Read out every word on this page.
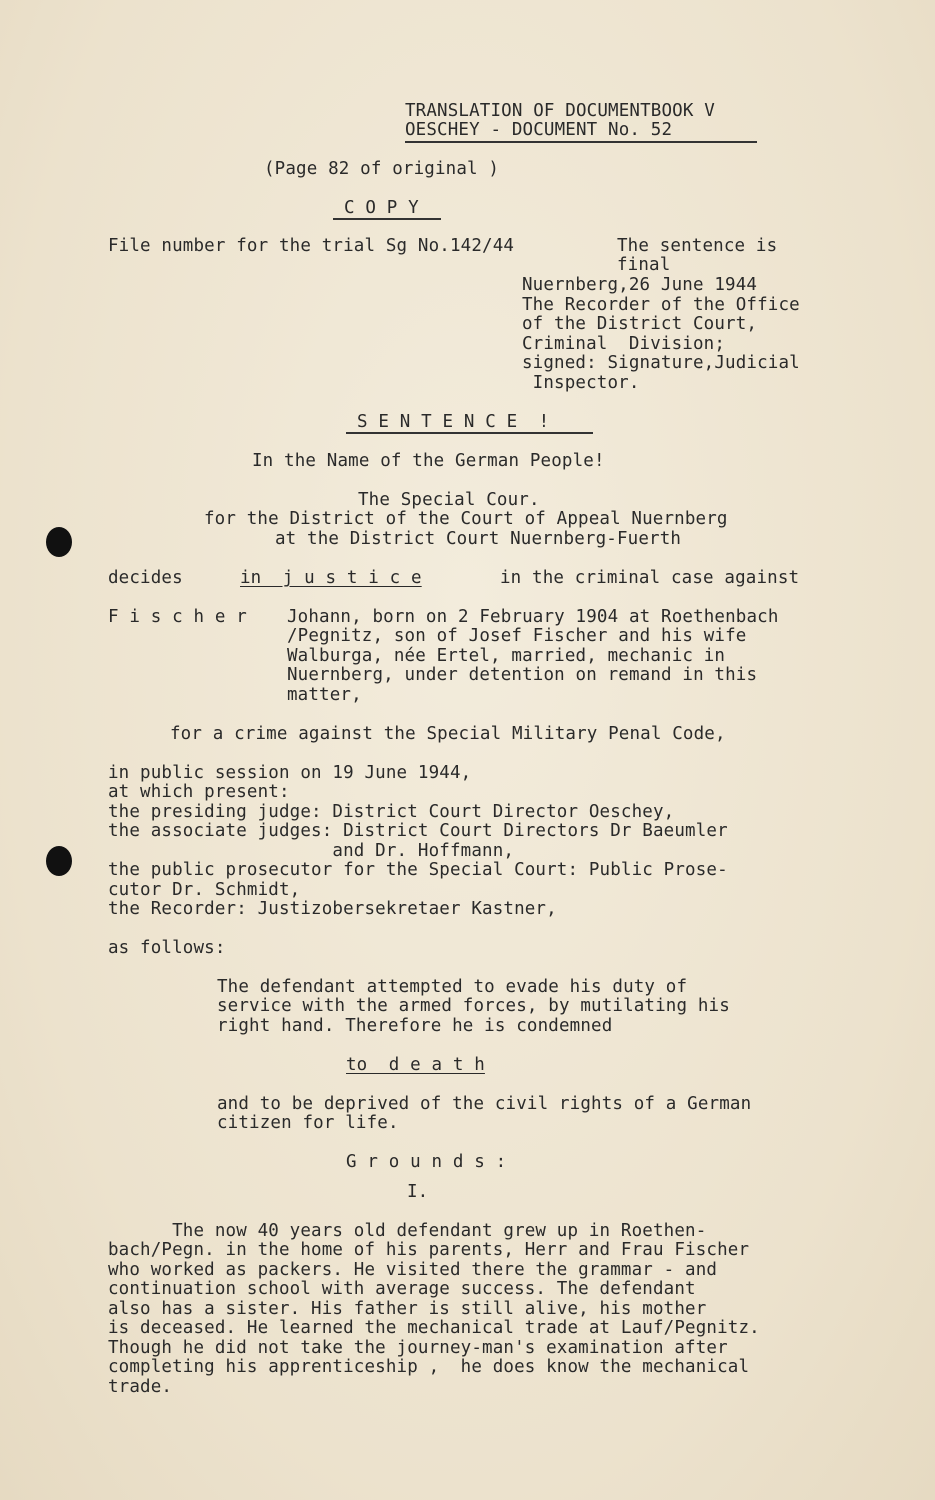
TRANSLATION OF DOCUMENTBOOK V
OESCHEY - DOCUMENT No. 52
(Page 82 of original )
C O P Y
File number for the trial Sg No.142/44	The sentence is
final
Nuernberg,26 June 1944
The Recorder of the Office
of the District Court,
Criminal  Division;
signed: Signature,Judicial
Inspector.
S E N T E N C E  !
In the Name of the German People!
The Special Cour.
for the District of the Court of Appeal Nuernberg
at the District Court Nuernberg-Fuerth
decides	in  j u s t i c e	in the criminal case against
F i s c h e r Johann, born on 2 February 1904 at Roethenbach
/Pegnitz, son of Josef Fischer and his wife
Walburga, née Ertel, married, mechanic in
Nuernberg, under detention on remand in this
matter,
for a crime against the Special Military Penal Code,
in public session on 19 June 1944,
at which present:
the presiding judge: District Court Director Oeschey,
the associate judges: District Court Directors Dr Baeumler
and Dr. Hoffmann,
the public prosecutor for the Special Court: Public Prose-
cutor Dr. Schmidt,
the Recorder: Justizobersekretaer Kastner,
as follows:
The defendant attempted to evade his duty of
service with the armed forces, by mutilating his
right hand. Therefore he is condemned
to  d e a t h
and to be deprived of the civil rights of a German
citizen for life.
G r o u n d s :
I.
The now 40 years old defendant grew up in Roethen-
bach/Pegn. in the home of his parents, Herr and Frau Fischer
who worked as packers. He visited there the grammar - and
continuation school with average success. The defendant
also has a sister. His father is still alive, his mother
is deceased. He learned the mechanical trade at Lauf/Pegnitz.
Though he did not take the journey-man's examination after
completing his apprenticeship ,  he does know the mechanical
trade.
